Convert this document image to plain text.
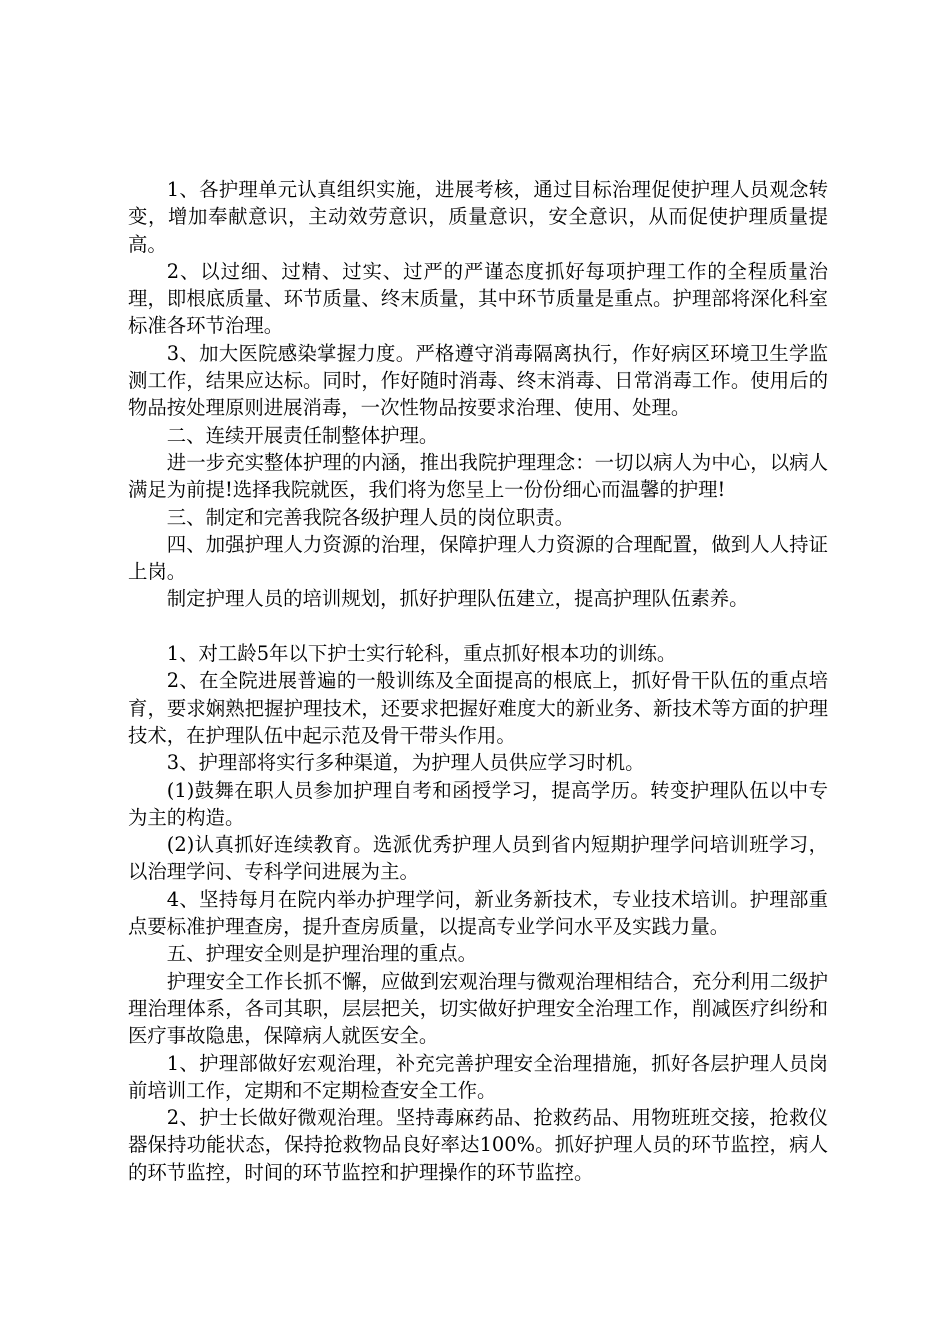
1、各护理单元认真组织实施，进展考核，通过目标治理促使护理人员观念转变，增加奉献意识，主动效劳意识，质量意识，安全意识，从而促使护理质量提高。

2、以过细、过精、过实、过严的严谨态度抓好每项护理工作的全程质量治理，即根底质量、环节质量、终末质量，其中环节质量是重点。护理部将深化科室标准各环节治理。

3、加大医院感染掌握力度。严格遵守消毒隔离执行，作好病区环境卫生学监测工作，结果应达标。同时，作好随时消毒、终末消毒、日常消毒工作。使用后的物品按处理原则进展消毒，一次性物品按要求治理、使用、处理。

二、连续开展责任制整体护理。

进一步充实整体护理的内涵，推出我院护理理念：一切以病人为中心，以病人满足为前提!选择我院就医，我们将为您呈上一份份细心而温馨的护理!

三、制定和完善我院各级护理人员的岗位职责。

四、加强护理人力资源的治理，保障护理人力资源的合理配置，做到人人持证上岗。

制定护理人员的培训规划，抓好护理队伍建立，提高护理队伍素养。

1、对工龄5年以下护士实行轮科，重点抓好根本功的训练。

2、在全院进展普遍的一般训练及全面提高的根底上，抓好骨干队伍的重点培育，要求娴熟把握护理技术，还要求把握好难度大的新业务、新技术等方面的护理技术，在护理队伍中起示范及骨干带头作用。

3、护理部将实行多种渠道，为护理人员供应学习时机。

(1)鼓舞在职人员参加护理自考和函授学习，提高学历。转变护理队伍以中专为主的构造。

(2)认真抓好连续教育。选派优秀护理人员到省内短期护理学问培训班学习，以治理学问、专科学问进展为主。

4、坚持每月在院内举办护理学问，新业务新技术，专业技术培训。护理部重点要标准护理查房，提升查房质量，以提高专业学问水平及实践力量。

五、护理安全则是护理治理的重点。

护理安全工作长抓不懈，应做到宏观治理与微观治理相结合，充分利用二级护理治理体系，各司其职，层层把关，切实做好护理安全治理工作，削减医疗纠纷和医疗事故隐患，保障病人就医安全。

1、护理部做好宏观治理，补充完善护理安全治理措施，抓好各层护理人员岗前培训工作，定期和不定期检查安全工作。

2、护士长做好微观治理。坚持毒麻药品、抢救药品、用物班班交接，抢救仪器保持功能状态，保持抢救物品良好率达100%。抓好护理人员的环节监控，病人的环节监控，时间的环节监控和护理操作的环节监控。
